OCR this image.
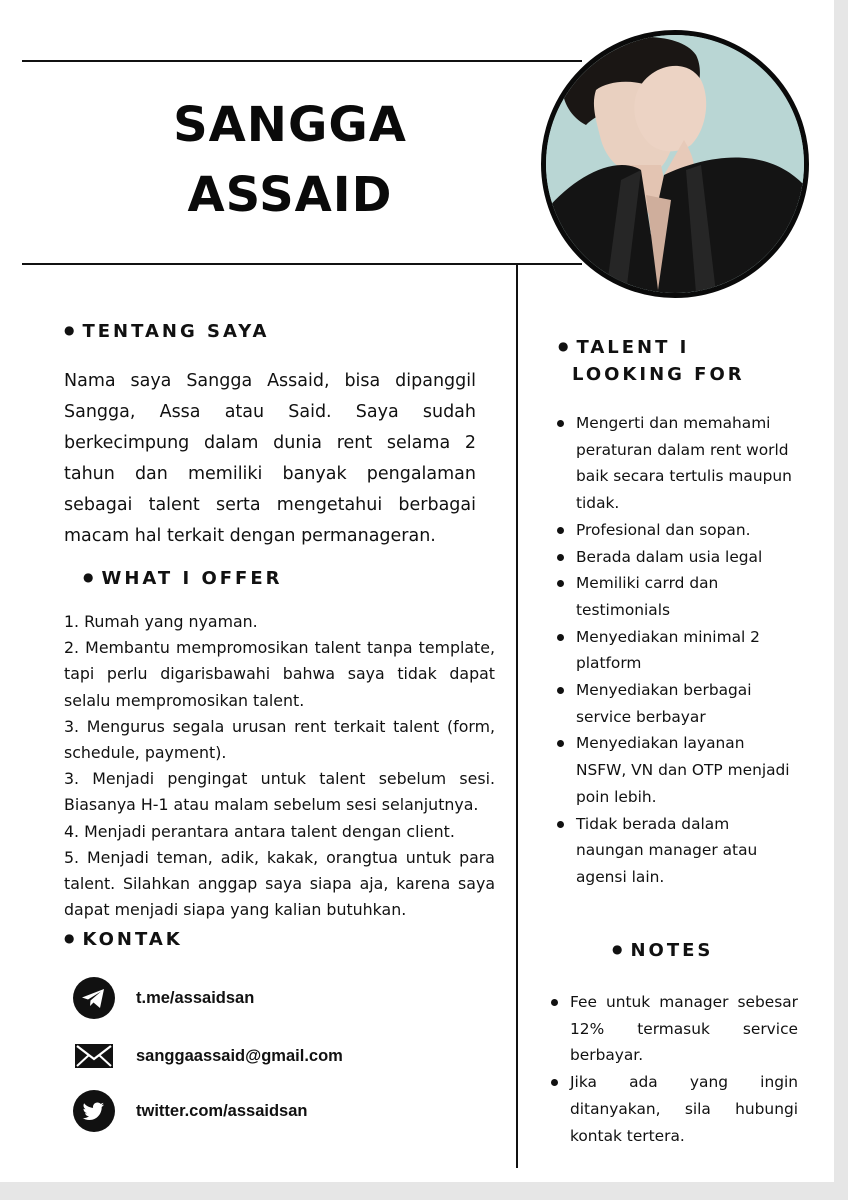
SANGGA
ASSAID
● TENTANG SAYA

Nama saya Sangga Assaid, bisa dipanggil Sangga, Assa atau Said. Saya sudah berkecimpung dalam dunia rent selama 2 tahun dan memiliki banyak pengalaman sebagai talent serta mengetahui berbagai macam hal terkait dengan permanageran.

● WHAT I OFFER

1. Rumah yang nyaman.

2. Membantu mempromosikan talent tanpa template, tapi perlu digarisbawahi bahwa saya tidak dapat selalu mempromosikan talent.

3. Mengurus segala urusan rent terkait talent (form, schedule, payment).

3. Menjadi pengingat untuk talent sebelum sesi. Biasanya H-1 atau malam sebelum sesi selanjutnya.

4. Menjadi perantara antara talent dengan client.

5. Menjadi teman, adik, kakak, orangtua untuk para talent. Silahkan anggap saya siapa aja, karena saya dapat menjadi siapa yang kalian butuhkan.

● KONTAK
t.me/assaidsan
sanggaassaid@gmail.com
twitter.com/assaidsan
● TALENT I
LOOKING FOR
Mengerti dan memahami peraturan dalam rent world baik secara tertulis maupun tidak.
Profesional dan sopan.
Berada dalam usia legal
Memiliki carrd dan testimonials
Menyediakan minimal 2 platform
Menyediakan berbagai service berbayar
Menyediakan layanan NSFW, VN dan OTP menjadi poin lebih.
Tidak berada dalam naungan manager atau agensi lain.
● NOTES
Fee untuk manager sebesar 12% termasuk service berbayar.
Jika ada yang ingin ditanyakan, sila hubungi kontak tertera.
